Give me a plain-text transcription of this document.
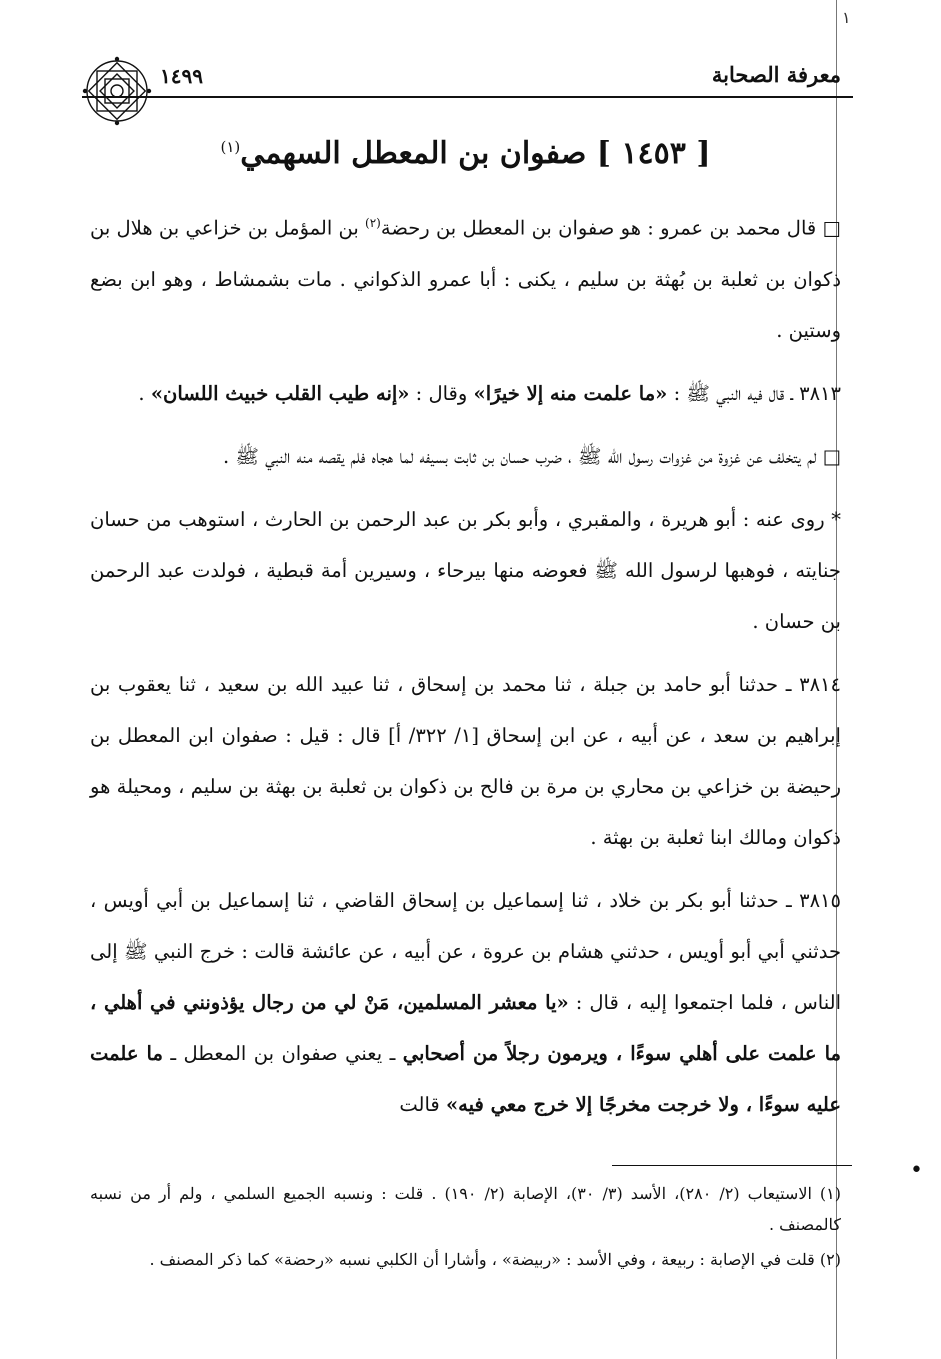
١
معرفة الصحابة
١٤٩٩
[ ١٤٥٣ ] صفوان بن المعطل السهمي$^{(١)}$

□ قال محمد بن عمرو : هو صفوان بن المعطل بن رحضة$^{(٢)}$ بن المؤمل بن خزاعي بن هلال بن ذكوان بن ثعلبة بن بُهثة بن سليم ، يكنى : أبا عمرو الذكواني . مات بشمشاط ، وهو ابن بضع وستين .

٣٨١٣ ـ قال فيه النبي ﷺ : «ما علمت منه إلا خيرًا» وقال : «إنه طيب القلب خبيث اللسان» .

□ لم يتخلف عن غزوة من غزوات رسول الله ﷺ ، ضرب حسان بن ثابت بسيفه لما هجاه فلم يقصه منه النبي ﷺ .

* روى عنه : أبو هريرة ، والمقبري ، وأبو بكر بن عبد الرحمن بن الحارث ، استوهب من حسان جنايته ، فوهبها لرسول الله ﷺ فعوضه منها بيرحاء ، وسيرين أمة قبطية ، فولدت عبد الرحمن بن حسان .

٣٨١٤ ـ حدثنا أبو حامد بن جبلة ، ثنا محمد بن إسحاق ، ثنا عبيد الله بن سعيد ، ثنا يعقوب بن إبراهيم بن سعد ، عن أبيه ، عن ابن إسحاق [١/ ٣٢٢/ أ] قال : قيل : صفوان ابن المعطل بن رحيضة بن خزاعي بن محاري بن مرة بن فالح بن ذكوان بن ثعلبة بن بهثة بن سليم ، ومحيلة هو ذكوان ومالك ابنا ثعلبة بن بهثة .

٣٨١٥ ـ حدثنا أبو بكر بن خلاد ، ثنا إسماعيل بن إسحاق القاضي ، ثنا إسماعيل بن أبي أويس ، حدثني أبي أبو أويس ، حدثني هشام بن عروة ، عن أبيه ، عن عائشة قالت : خرج النبي ﷺ إلى الناس ، فلما اجتمعوا إليه ، قال : «يا معشر المسلمين، مَنْ لي من رجال يؤذونني في أهلي ، ما علمت على أهلي سوءًا ، ويرمون رجلاً من أصحابي ـ يعني صفوان بن المعطل ـ ما علمت عليه سوءًا ، ولا خرجت مخرجًا إلا خرج معي فيه» قالت

•

(١) الاستيعاب (٢/ ٢٨٠)، الأسد (٣/ ٣٠)، الإصابة (٢/ ١٩٠) . قلت : ونسبه الجميع السلمي ، ولم أر من نسبه كالمصنف .

(٢) قلت في الإصابة : ربيعة ، وفي الأسد : «ربيضة» ، وأشارا أن الكلبي نسبه «رحضة» كما ذكر المصنف .
